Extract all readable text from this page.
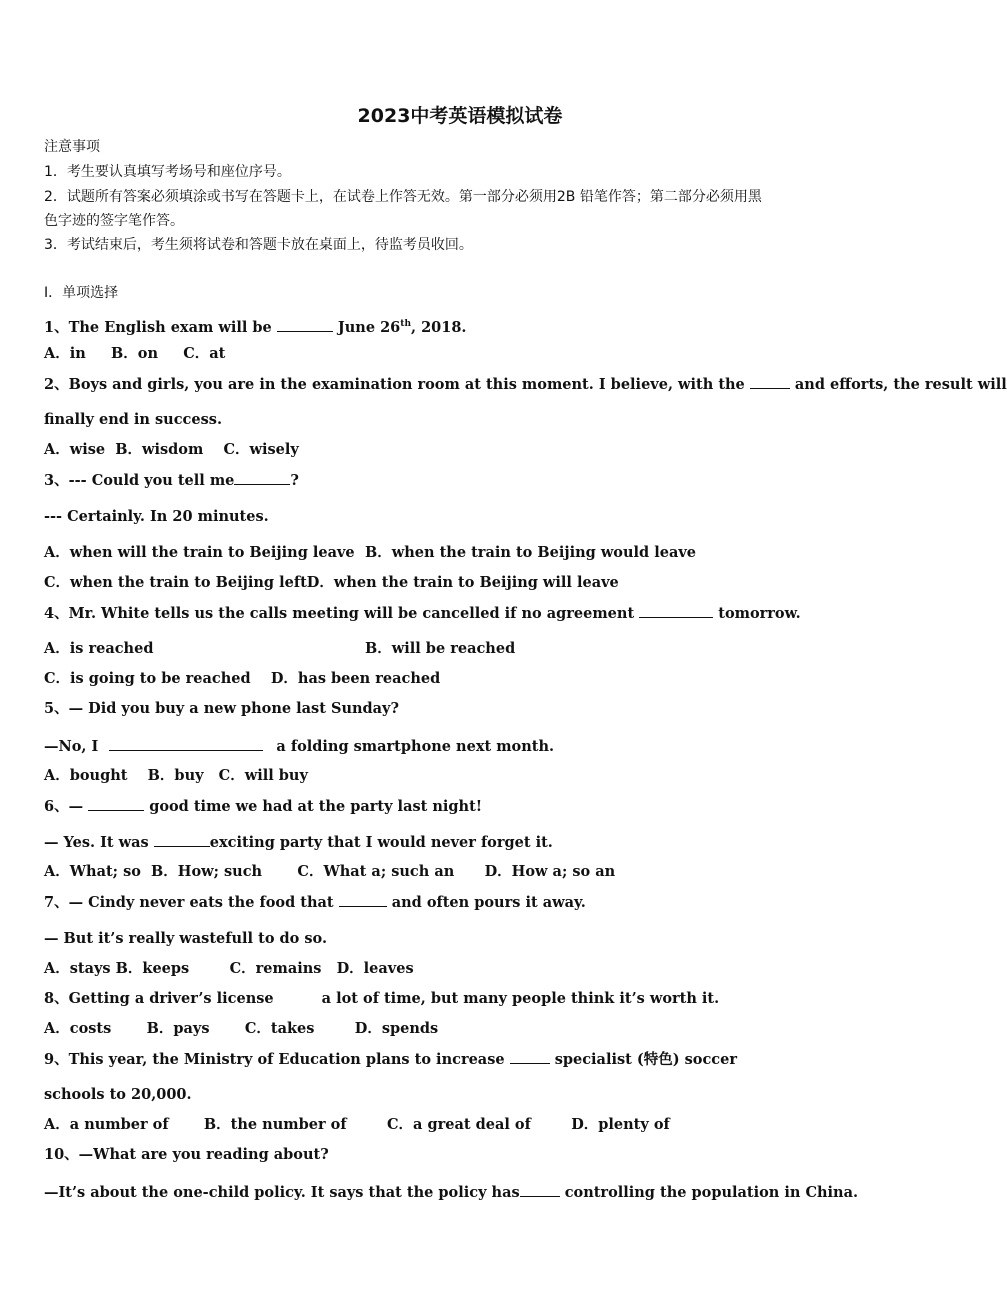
2023中考英语模拟试卷
注意事项
1．考生要认真填写考场号和座位序号。
2．试题所有答案必须填涂或书写在答题卡上，在试卷上作答无效。第一部分必须用2B 铅笔作答；第二部分必须用黑
色字迹的签字笔作答。
3．考试结束后，考生须将试卷和答题卡放在桌面上，待监考员收回。
Ⅰ．单项选择
1、The English exam will be	June 26th, 2018.
A．in     B．on     C．at
2、Boys and girls, you are in the examination room at this moment. I believe, with the	and efforts, the result will
finally end in success.
A．wise  B．wisdom    C．wisely
3、--- Could you tell me	?
--- Certainly. In 20 minutes.
A．when will the train to Beijing leave B．when the train to Beijing would leave
C．when the train to Beijing leftD．when the train to Beijing will leave
4、Mr. White tells us the calls meeting will be cancelled if no agreement	tomorrow.
A．is reached	B．will be reached
C．is going to be reached    D．has been reached
5、— Did you buy a new phone last Sunday?
—No, I	a folding smartphone next month.
A．bought    B．buy   C．will buy
6、—	good time we had at the party last night!
— Yes. It was	exciting party that I would never forget it.
A．What; so  B．How; such       C．What a; such an      D．How a; so an
7、— Cindy never eats the food that	and often pours it away.
— But it’s really wastefull to do so.
A．stays B．keeps        C．remains   D．leaves
8、Getting a driver’s license	a lot of time, but many people think it’s worth it.
A．costs       B．pays       C．takes        D．spends
9、This year, the Ministry of Education plans to increase	specialist (特色) soccer
schools to 20,000.
A．a number of       B．the number of        C．a great deal of        D．plenty of
10、—What are you reading about?
—It’s about the one-child policy. It says that the policy has	controlling the population in China.
